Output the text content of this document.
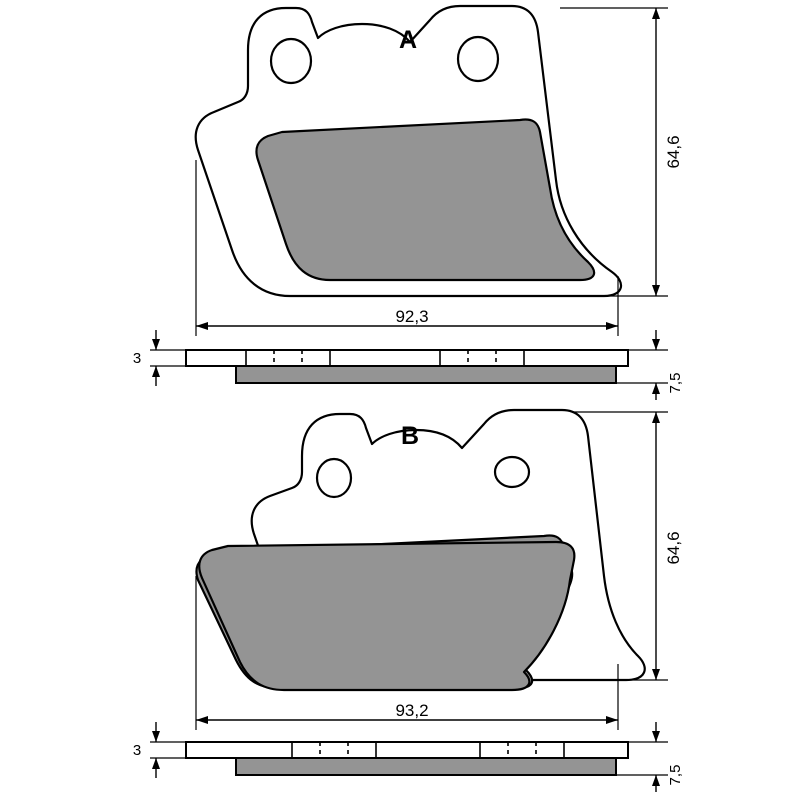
A
64,6
92,3
3
7,5
B
64,6
93,2
3
7,5
